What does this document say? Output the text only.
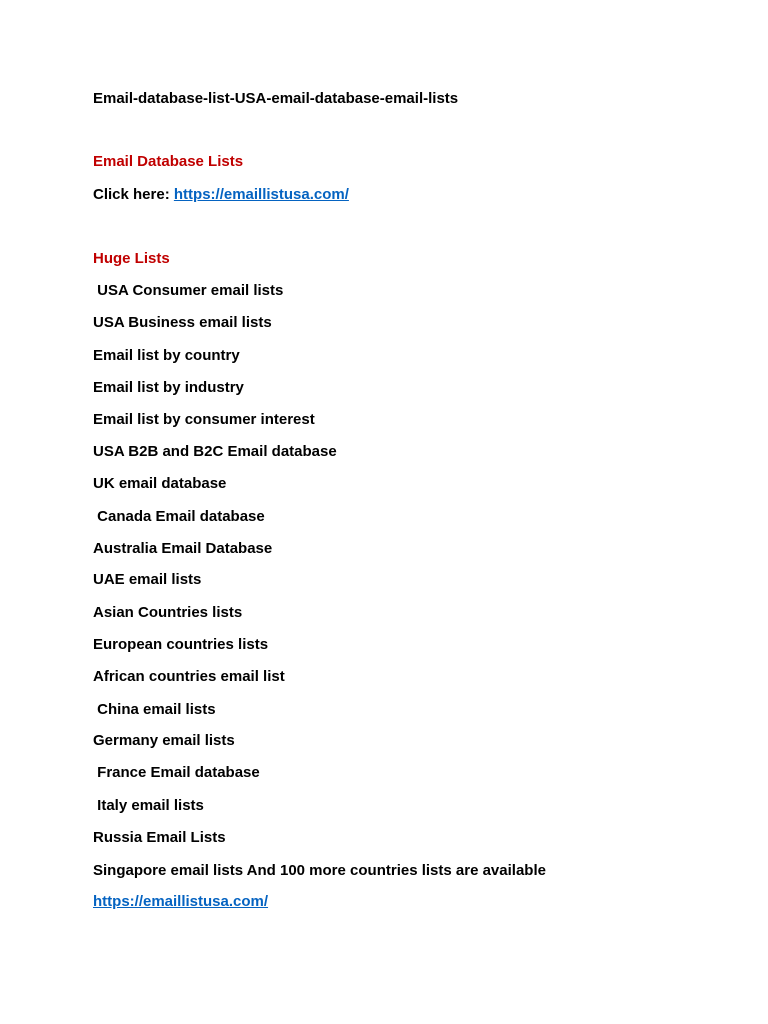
Email-database-list-USA-email-database-email-lists
Email Database Lists
Click here: https://emaillistusa.com/
Huge Lists
USA Consumer email lists
USA Business email lists
Email list by country
Email list by industry
Email list by consumer interest
USA B2B and B2C Email database
UK email database
Canada Email database
Australia Email Database
UAE email lists
Asian Countries lists
European countries lists
African countries email list
China email lists
Germany email lists
France Email database
Italy email lists
Russia Email Lists
Singapore email lists And 100 more countries lists are available
https://emaillistusa.com/
